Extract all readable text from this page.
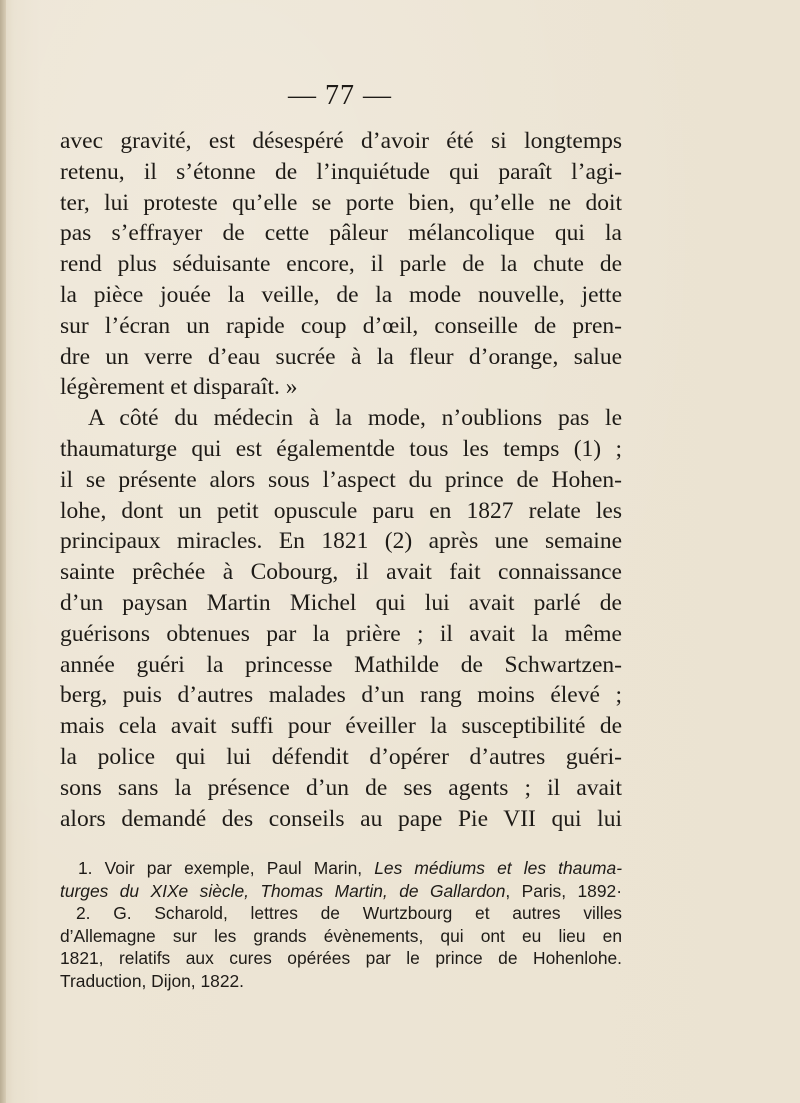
— 77 —
avec gravité, est désespéré d’avoir été si longtemps
retenu, il s’étonne de l’inquiétude qui paraît l’agi-
ter, lui proteste qu’elle se porte bien, qu’elle ne doit
pas s’effrayer de cette pâleur mélancolique qui la
rend plus séduisante encore, il parle de la chute de
la pièce jouée la veille, de la mode nouvelle, jette
sur l’écran un rapide coup d’œil, conseille de pren-
dre un verre d’eau sucrée à la fleur d’orange, salue
légèrement et disparaît. »
A côté du médecin à la mode, n’oublions pas le
thaumaturge qui est égalementde tous les temps (1) ;
il se présente alors sous l’aspect du prince de Hohen-
lohe, dont un petit opuscule paru en 1827 relate les
principaux miracles. En 1821 (2) après une semaine
sainte prêchée à Cobourg, il avait fait connaissance
d’un paysan Martin Michel qui lui avait parlé de
guérisons obtenues par la prière ; il avait la même
année guéri la princesse Mathilde de Schwartzen-
berg, puis d’autres malades d’un rang moins élevé ;
mais cela avait suffi pour éveiller la susceptibilité de
la police qui lui défendit d’opérer d’autres guéri-
sons sans la présence d’un de ses agents ; il avait
alors demandé des conseils au pape Pie VII qui lui
1. Voir par exemple, Paul Marin, Les médiums et les thauma-
turges du XIXe siècle, Thomas Martin, de Gallardon, Paris, 1892·
2. G. Scharold, lettres de Wurtzbourg et autres villes
d’Allemagne sur les grands évènements, qui ont eu lieu en
1821, relatifs aux cures opérées par le prince de Hohenlohe.
Traduction, Dijon, 1822.
